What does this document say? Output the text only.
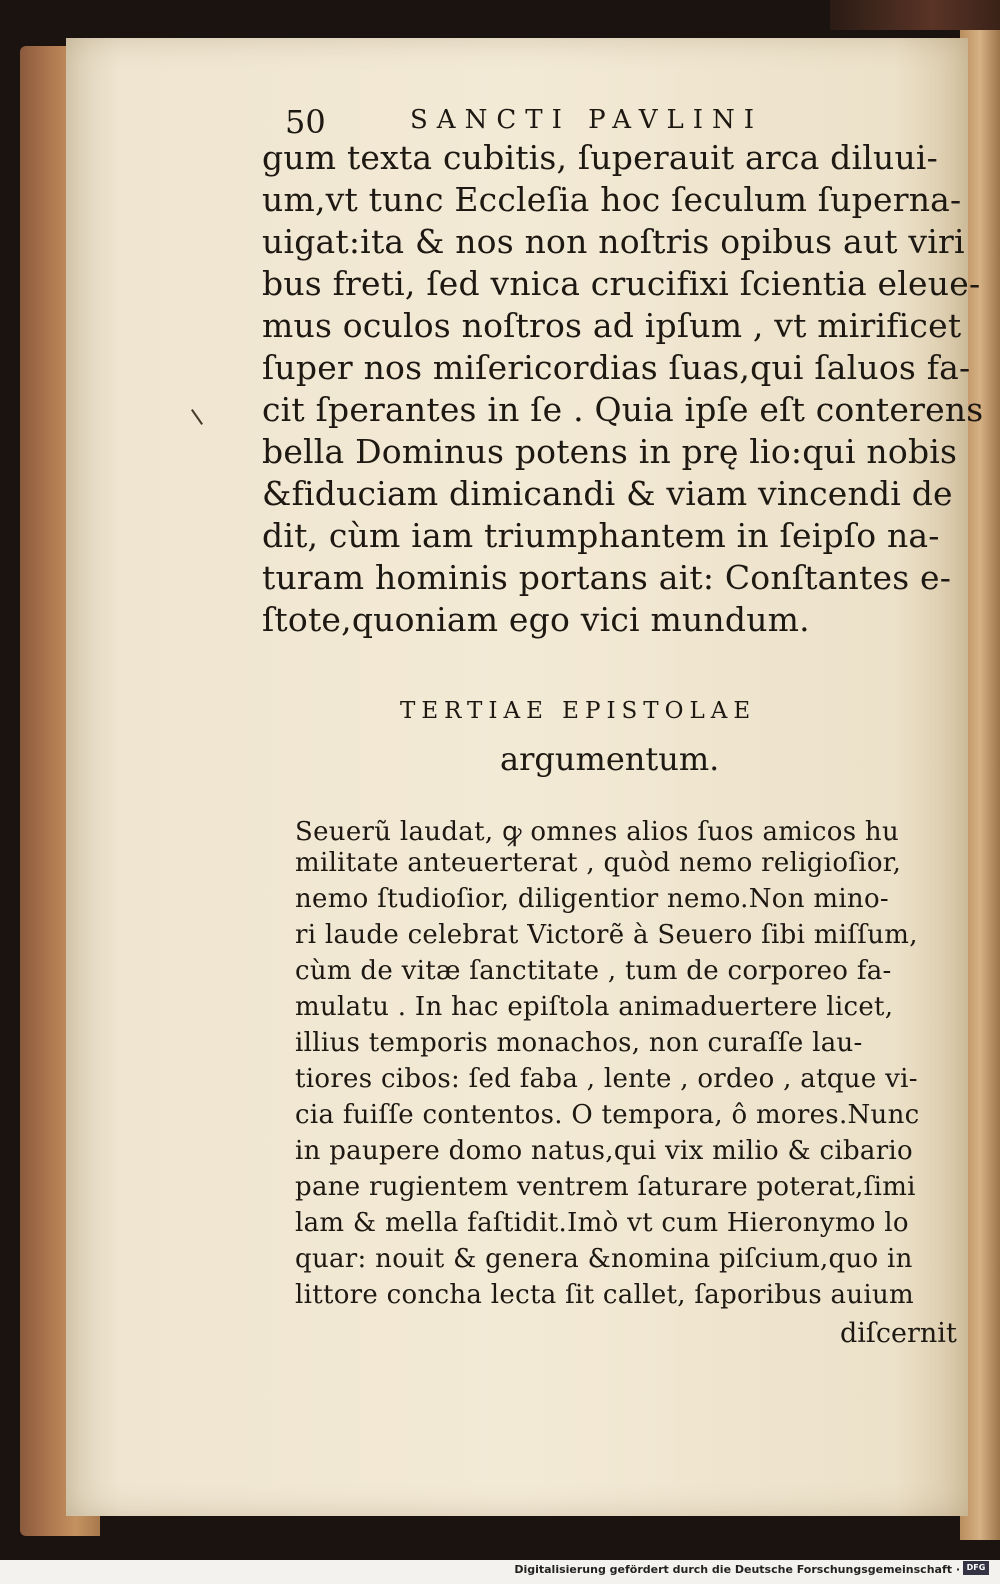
50	SANCTI PAVLINI
gum texta cubitis, ſuperauit arca diluui-
um,vt tunc Eccleſia hoc ſeculum ſuperna-
uigat:ita & nos non noſtris opibus aut viri
bus freti, ſed vnica crucifixi ſcientia eleue-
mus oculos noſtros ad ipſum , vt mirificet
ſuper nos miſericordias ſuas,qui ſaluos fa-
cit ſperantes in ſe . Quia ipſe eſt conterens
bella Dominus potens in prę lio:qui nobis
&fiduciam dimicandi & viam vincendi de
dit, cùm iam triumphantem in ſeipſo na-
turam hominis portans ait: Conſtantes e-
ſtote,quoniam ego vici mundum.
TERTIAE EPISTOLAE
argumentum.
Seuerũ laudat, ꝙ omnes alios ſuos amicos hu
militate anteuerterat , quòd nemo religioſior,
nemo ſtudioſior, diligentior nemo.Non mino-
ri laude celebrat Victorẽ à Seuero ſibi miſſum,
cùm de vitæ ſanctitate , tum de corporeo fa-
mulatu . In hac epiſtola animaduertere licet,
illius temporis monachos, non curaſſe lau-
tiores cibos: ſed faba , lente , ordeo , atque vi-
cia fuiſſe contentos. O tempora, ô mores.Nunc
in paupere domo natus,qui vix milio & cibario
pane rugientem ventrem ſaturare poterat,ſimi
lam & mella faſtidit.Imò vt cum Hieronymo lo
quar: nouit & genera &nomina piſcium,quo in
littore concha lecta ſit callet, ſaporibus auium
diſcernit
Digitalisierung gefördert durch die Deutsche Forschungsgemeinschaft · DFG
